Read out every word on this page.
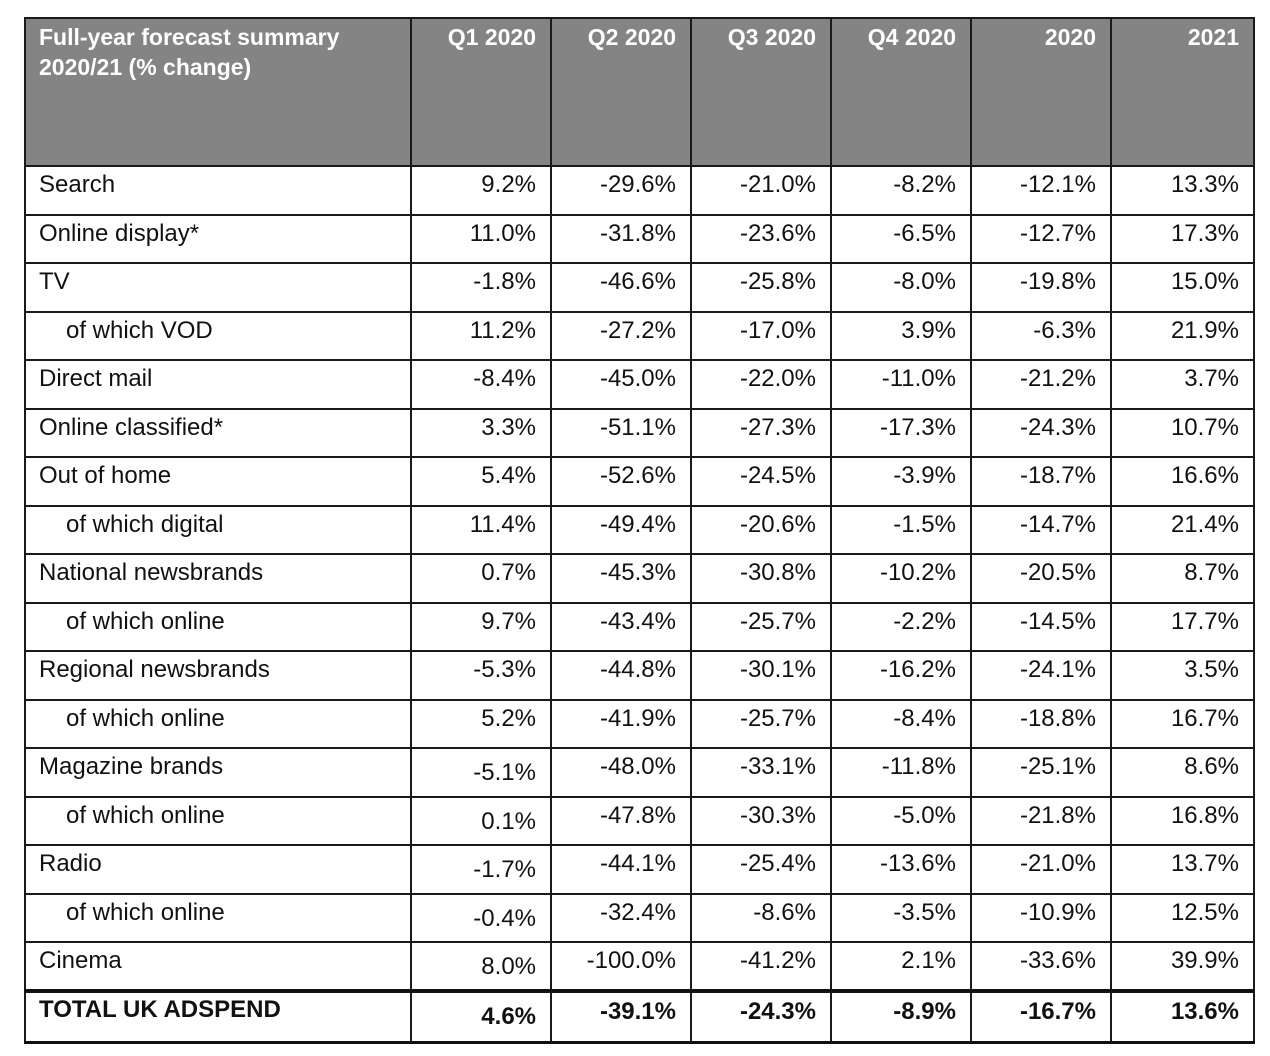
Full-year forecast summary
2020/21 (% change)	Q1 2020	Q2 2020	Q3 2020	Q4 2020	2020	2021
Search	9.2%	-29.6%	-21.0%	-8.2%	-12.1%	13.3%
Online display*	11.0%	-31.8%	-23.6%	-6.5%	-12.7%	17.3%
TV	-1.8%	-46.6%	-25.8%	-8.0%	-19.8%	15.0%
of which VOD	11.2%	-27.2%	-17.0%	3.9%	-6.3%	21.9%
Direct mail	-8.4%	-45.0%	-22.0%	-11.0%	-21.2%	3.7%
Online classified*	3.3%	-51.1%	-27.3%	-17.3%	-24.3%	10.7%
Out of home	5.4%	-52.6%	-24.5%	-3.9%	-18.7%	16.6%
of which digital	11.4%	-49.4%	-20.6%	-1.5%	-14.7%	21.4%
National newsbrands	0.7%	-45.3%	-30.8%	-10.2%	-20.5%	8.7%
of which online	9.7%	-43.4%	-25.7%	-2.2%	-14.5%	17.7%
Regional newsbrands	-5.3%	-44.8%	-30.1%	-16.2%	-24.1%	3.5%
of which online	5.2%	-41.9%	-25.7%	-8.4%	-18.8%	16.7%
Magazine brands	-5.1%	-48.0%	-33.1%	-11.8%	-25.1%	8.6%
of which online	0.1%	-47.8%	-30.3%	-5.0%	-21.8%	16.8%
Radio	-1.7%	-44.1%	-25.4%	-13.6%	-21.0%	13.7%
of which online	-0.4%	-32.4%	-8.6%	-3.5%	-10.9%	12.5%
Cinema	8.0%	-100.0%	-41.2%	2.1%	-33.6%	39.9%
TOTAL UK ADSPEND	4.6%	-39.1%	-24.3%	-8.9%	-16.7%	13.6%
